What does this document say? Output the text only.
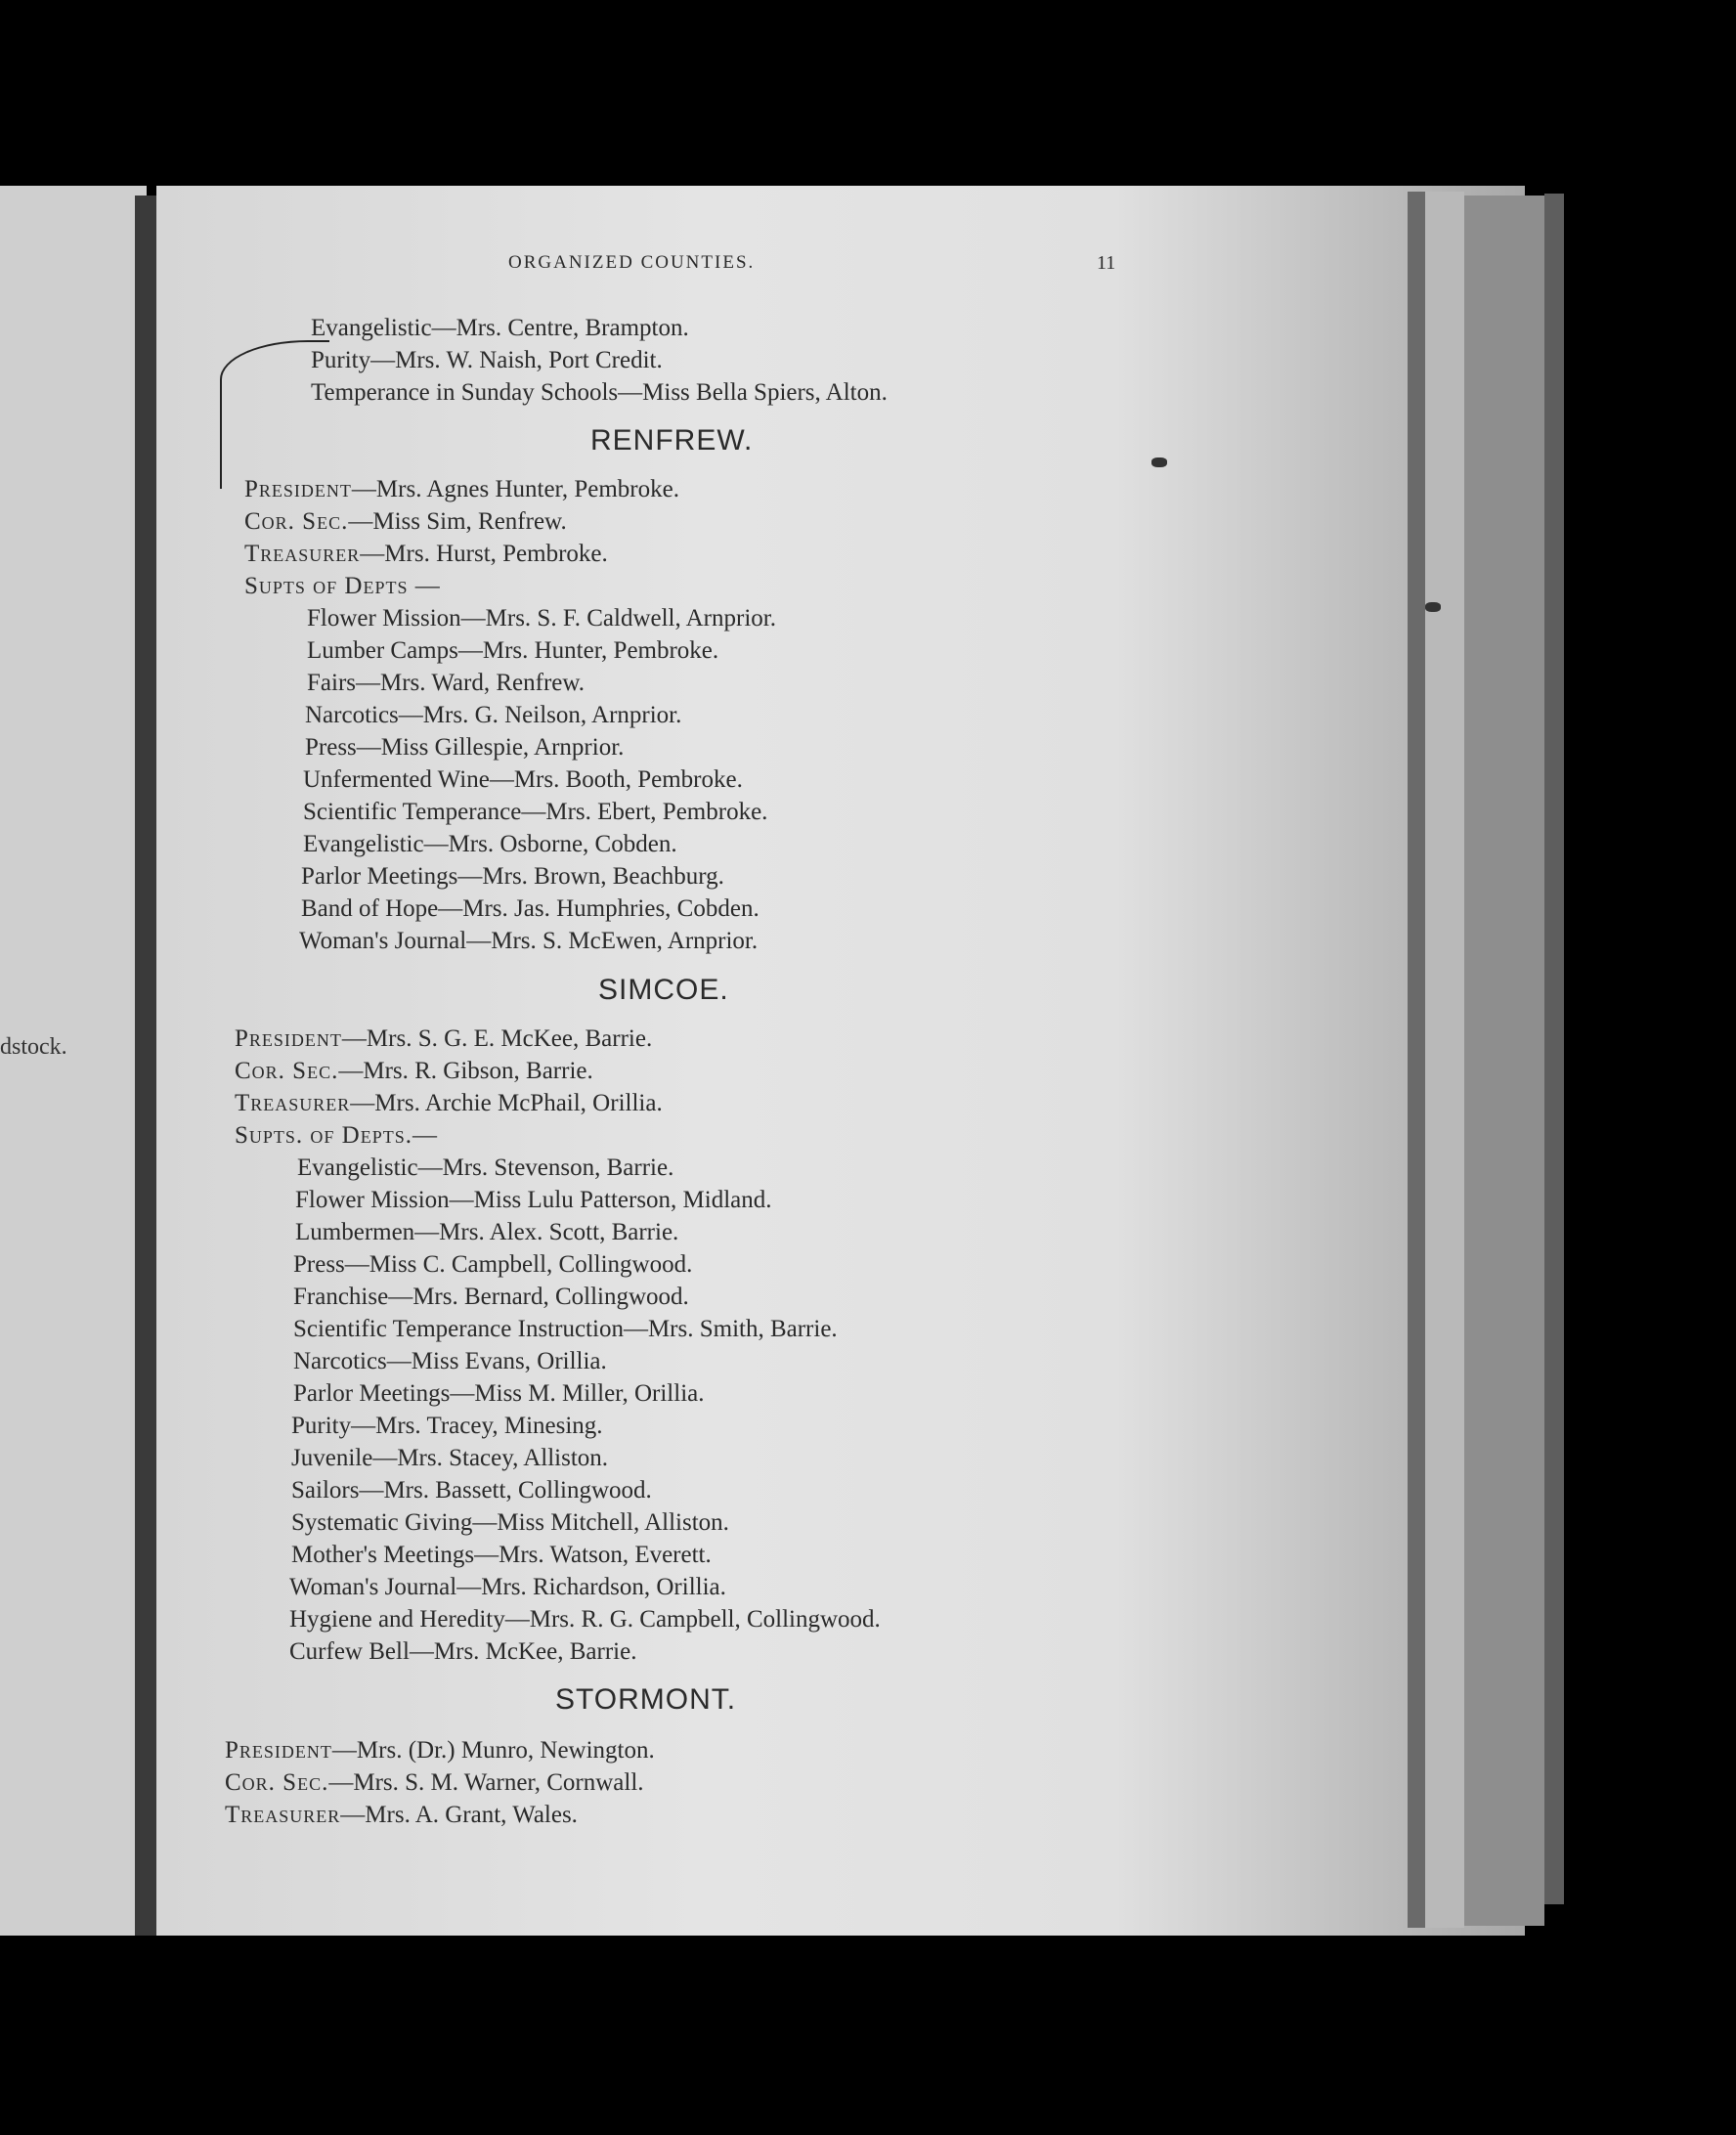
dstock.
ORGANIZED COUNTIES.	11
Evangelistic—Mrs. Centre, Brampton.
Purity—Mrs. W. Naish, Port Credit.
Temperance in Sunday Schools—Miss Bella Spiers, Alton.
RENFREW.
President—Mrs. Agnes Hunter, Pembroke.
Cor. Sec.—Miss Sim, Renfrew.
Treasurer—Mrs. Hurst, Pembroke.
Supts of Depts —
Flower Mission—Mrs. S. F. Caldwell, Arnprior.
Lumber Camps—Mrs. Hunter, Pembroke.
Fairs—Mrs. Ward, Renfrew.
Narcotics—Mrs. G. Neilson, Arnprior.
Press—Miss Gillespie, Arnprior.
Unfermented Wine—Mrs. Booth, Pembroke.
Scientific Temperance—Mrs. Ebert, Pembroke.
Evangelistic—Mrs. Osborne, Cobden.
Parlor Meetings—Mrs. Brown, Beachburg.
Band of Hope—Mrs. Jas. Humphries, Cobden.
Woman's Journal—Mrs. S. McEwen, Arnprior.
SIMCOE.
President—Mrs. S. G. E. McKee, Barrie.
Cor. Sec.—Mrs. R. Gibson, Barrie.
Treasurer—Mrs. Archie McPhail, Orillia.
Supts. of Depts.—
Evangelistic—Mrs. Stevenson, Barrie.
Flower Mission—Miss Lulu Patterson, Midland.
Lumbermen—Mrs. Alex. Scott, Barrie.
Press—Miss C. Campbell, Collingwood.
Franchise—Mrs. Bernard, Collingwood.
Scientific Temperance Instruction—Mrs. Smith, Barrie.
Narcotics—Miss Evans, Orillia.
Parlor Meetings—Miss M. Miller, Orillia.
Purity—Mrs. Tracey, Minesing.
Juvenile—Mrs. Stacey, Alliston.
Sailors—Mrs. Bassett, Collingwood.
Systematic Giving—Miss Mitchell, Alliston.
Mother's Meetings—Mrs. Watson, Everett.
Woman's Journal—Mrs. Richardson, Orillia.
Hygiene and Heredity—Mrs. R. G. Campbell, Collingwood.
Curfew Bell—Mrs. McKee, Barrie.
STORMONT.
President—Mrs. (Dr.) Munro, Newington.
Cor. Sec.—Mrs. S. M. Warner, Cornwall.
Treasurer—Mrs. A. Grant, Wales.
